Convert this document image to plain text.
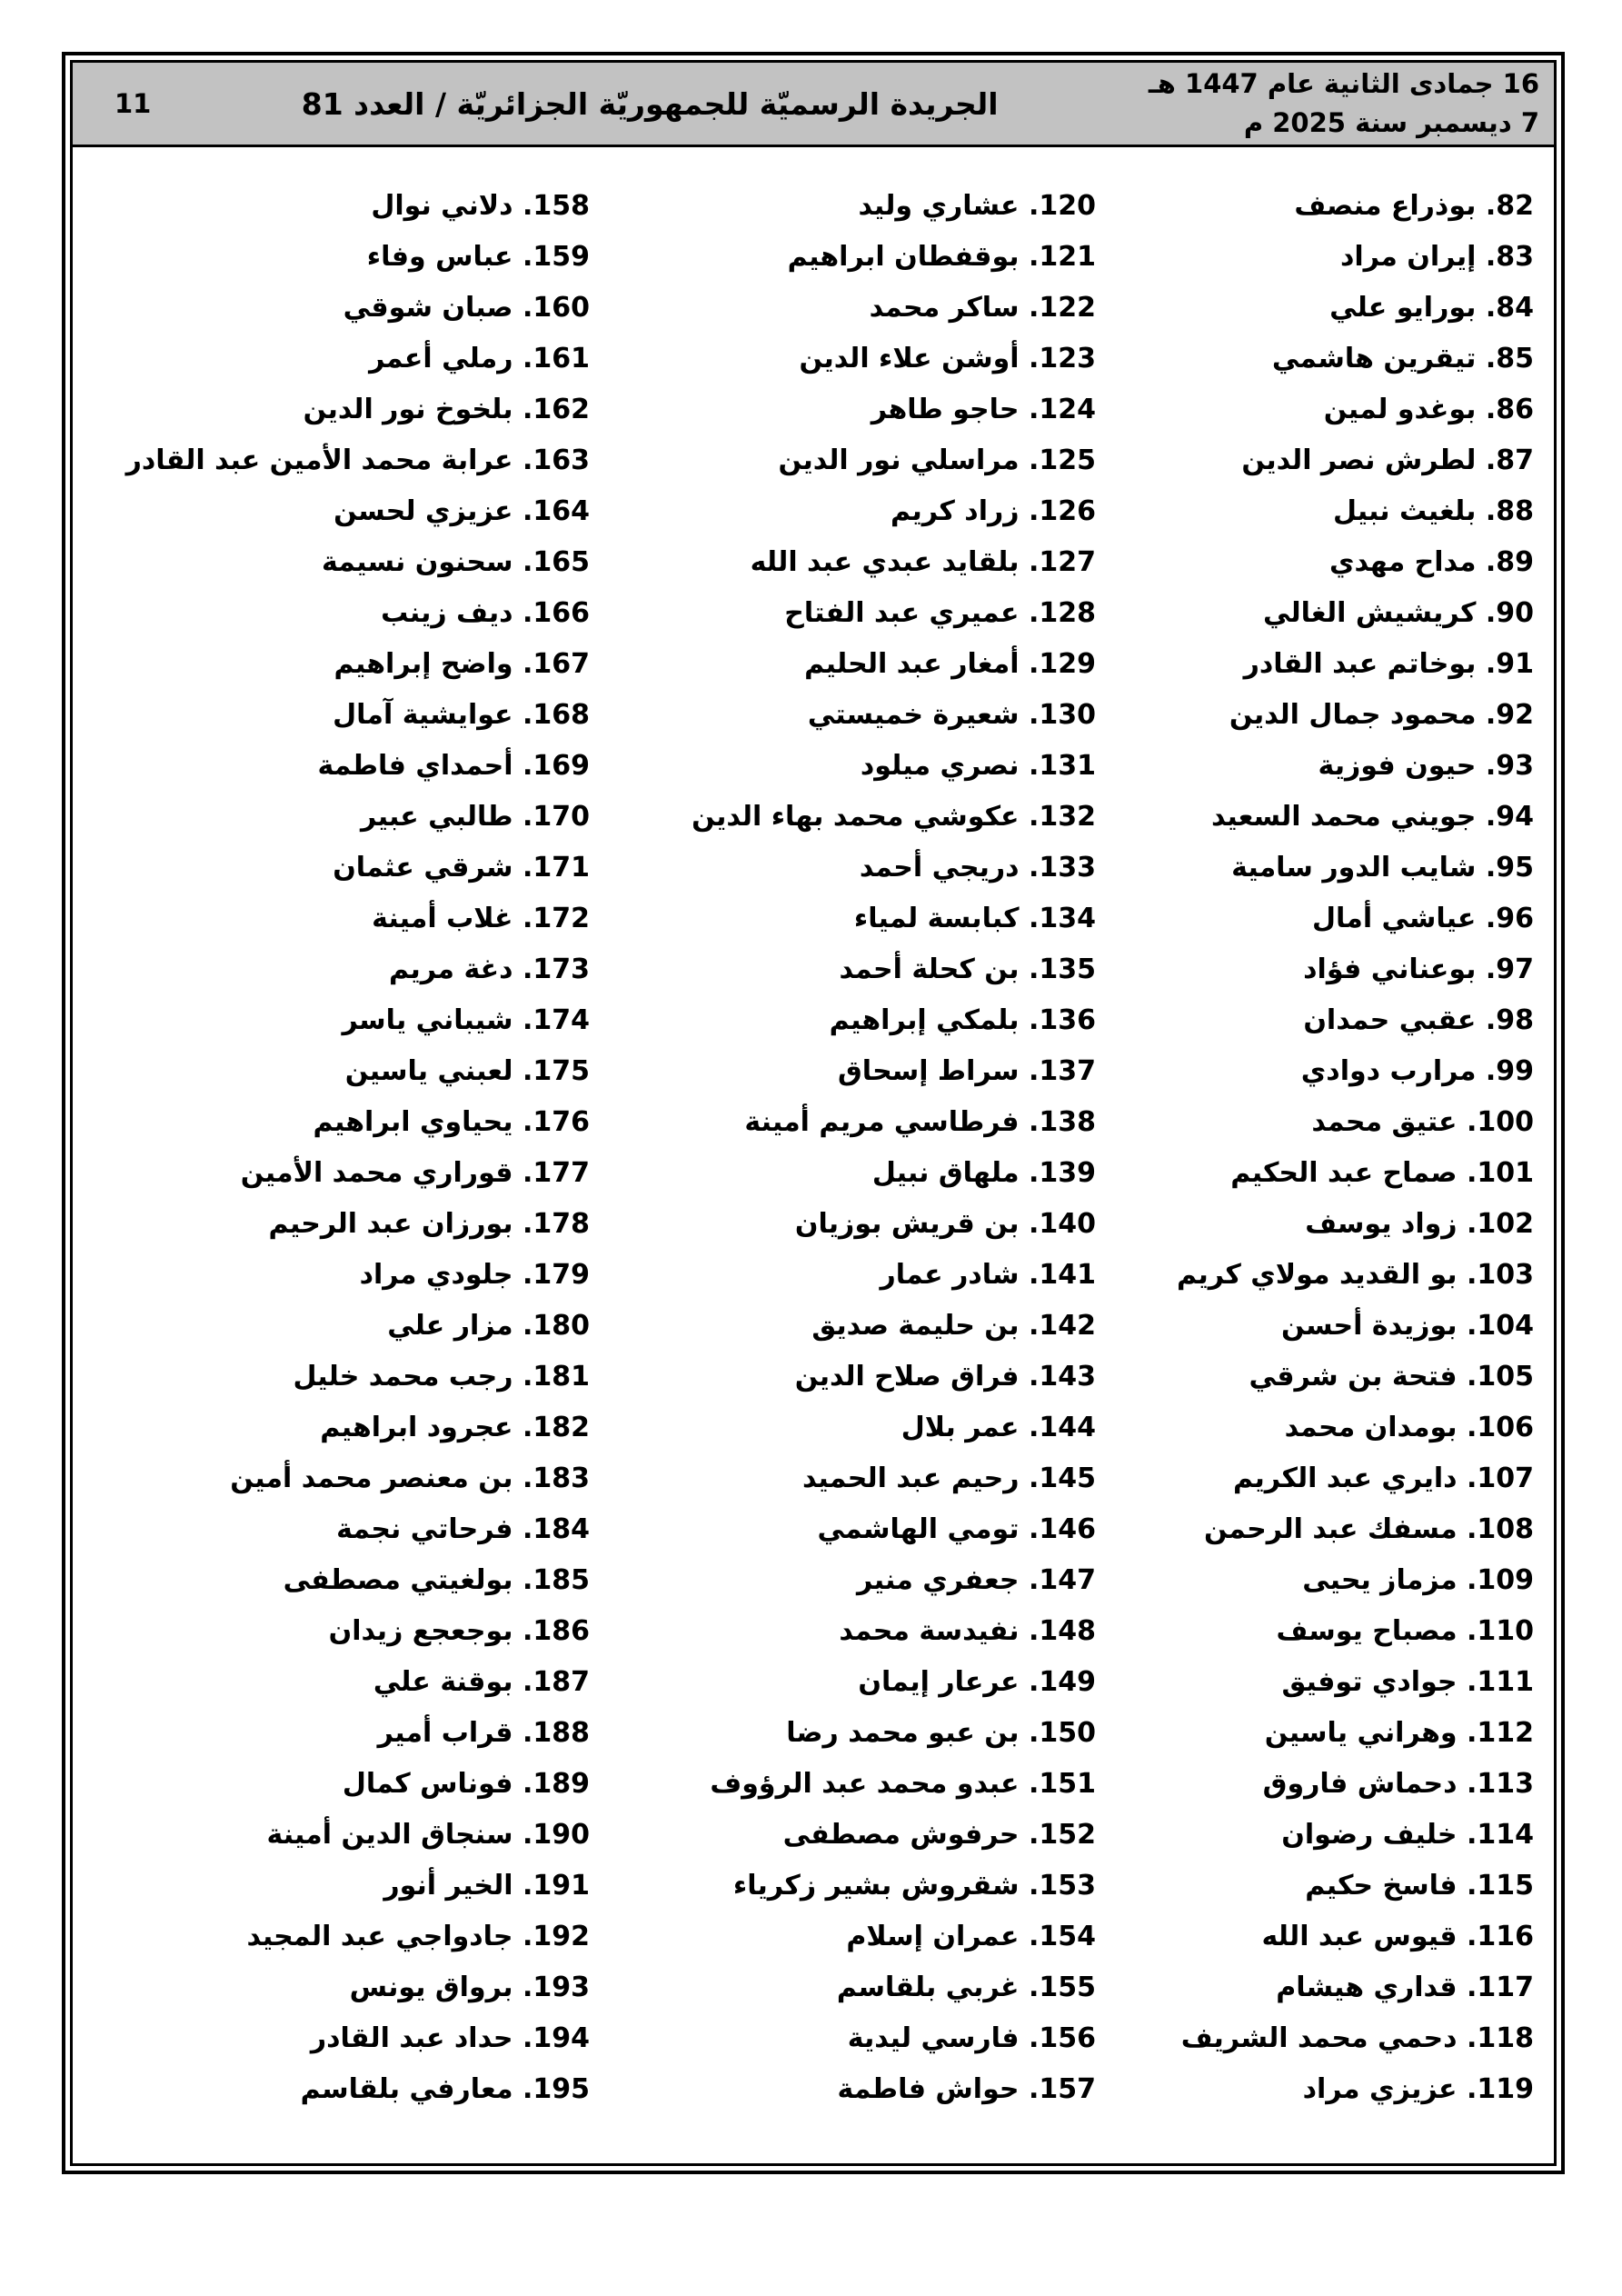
16 جمادى الثانية عام 1447 هـ
7 ديسمبر سنة 2025 م
الجريدة الرسميّة للجمهوريّة الجزائريّة / العدد 81
11
82. بوذراع منصف
83. إيران مراد
84. بورايو علي
85. تيقرين هاشمي
86. بوغدو لمين
87. لطرش نصر الدين
88. بلغيث نبيل
89. مداح مهدي
90. كريشيش الغالي
91. بوخاتم عبد القادر
92. محمود جمال الدين
93. حيون فوزية
94. جويني محمد السعيد
95. شايب الدور سامية
96. عياشي أمال
97. بوعناني فؤاد
98. عقبي حمدان
99. مرارب دوادي
100. عتيق محمد
101. صماح عبد الحكيم
102. زواد يوسف
103. بو القديد مولاي كريم
104. بوزيدة أحسن
105. فتحة بن شرقي
106. بومدان محمد
107. دايري عبد الكريم
108. مسفك عبد الرحمن
109. مزماز يحيى
110. مصباح يوسف
111. جوادي توفيق
112. وهراني ياسين
113. دحماش فاروق
114. خليف رضوان
115. فاسخ حكيم
116. قيوس عبد الله
117. قداري هيشام
118. دحمي محمد الشريف
119. عزيزي مراد
120. عشاري وليد
121. بوقفطان ابراهيم
122. ساكر محمد
123. أوشن علاء الدين
124. حاجو طاهر
125. مراسلي نور الدين
126. زراد كريم
127. بلقايد عبدي عبد الله
128. عميري عبد الفتاح
129. أمغار عبد الحليم
130. شعيرة خميستي
131. نصري ميلود
132. عكوشي محمد بهاء الدين
133. دريجي أحمد
134. كبابسة لمياء
135. بن كحلة أحمد
136. بلمكي إبراهيم
137. سراط إسحاق
138. فرطاسي مريم أمينة
139. ملهاق نبيل
140. بن قريش بوزيان
141. شادر عمار
142. بن حليمة صديق
143. فراق صلاح الدين
144. عمر بلال
145. رحيم عبد الحميد
146. تومي الهاشمي
147. جعفري منير
148. نفيدسة محمد
149. عرعار إيمان
150. بن عبو محمد رضا
151. عبدو محمد عبد الرؤوف
152. حرفوش مصطفى
153. شقروش بشير زكرياء
154. عمران إسلام
155. غربي بلقاسم
156. فارسي ليدية
157. حواش فاطمة
158. دلاني نوال
159. عباس وفاء
160. صبان شوقي
161. رملي أعمر
162. بلخوخ نور الدين
163. عرابة محمد الأمين عبد القادر
164. عزيزي لحسن
165. سحنون نسيمة
166. ديف زينب
167. واضح إبراهيم
168. عوايشية آمال
169. أحمداي فاطمة
170. طالبي عبير
171. شرقي عثمان
172. غلاب أمينة
173. دغة مريم
174. شيباني ياسر
175. لعبني ياسين
176. يحياوي ابراهيم
177. قوراري محمد الأمين
178. بورزان عبد الرحيم
179. جلودي مراد
180. مزار علي
181. رجب محمد خليل
182. عجرود ابراهيم
183. بن معنصر محمد أمين
184. فرحاتي نجمة
185. بولغيتي مصطفى
186. بوجعجع زيدان
187. بوقنة علي
188. قراب أمير
189. فوناس كمال
190. سنجاق الدين أمينة
191. الخير أنور
192. جادواجي عبد المجيد
193. برواق يونس
194. حداد عبد القادر
195. معارفي بلقاسم
